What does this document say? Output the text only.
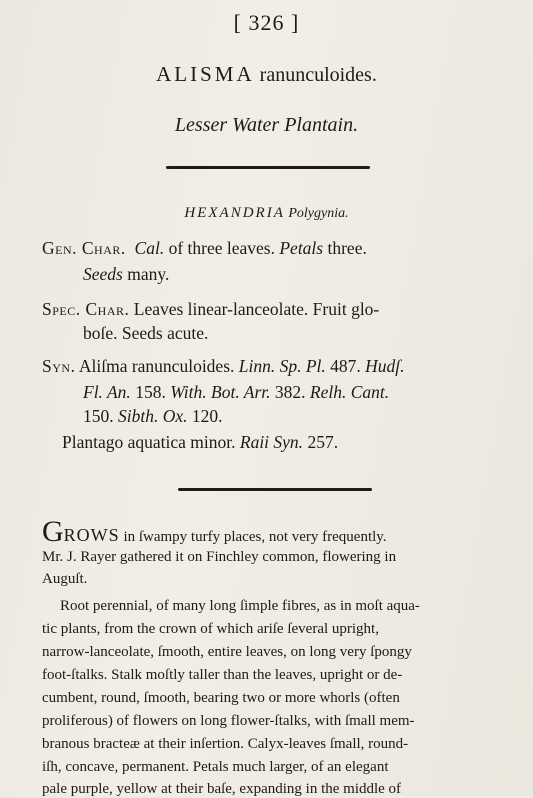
[ 326 ]
ALISMA ranunculoides.
Lesser Water Plantain.
HEXANDRIA Polygynia.
Gen. Char. Cal. of three leaves. Petals three.
Seeds many.
Spec. Char. Leaves linear-lanceolate. Fruit glo-
boſe. Seeds acute.
Syn. Aliſma ranunculoides. Linn. Sp. Pl. 487. Hudſ.
Fl. An. 158. With. Bot. Arr. 382. Relh. Cant.
150. Sibth. Ox. 120.
Plantago aquatica minor. Raii Syn. 257.
GROWS in ſwampy turfy places, not very frequently.
Mr. J. Rayer gathered it on Finchley common, flowering in
Auguſt.
Root perennial, of many long ſimple fibres, as in moſt aqua-
tic plants, from the crown of which ariſe ſeveral upright,
narrow-lanceolate, ſmooth, entire leaves, on long very ſpongy
foot-ſtalks. Stalk moſtly taller than the leaves, upright or de-
cumbent, round, ſmooth, bearing two or more whorls (often
proliferous) of flowers on long flower-ſtalks, with ſmall mem-
branous bracteæ at their inſertion. Calyx-leaves ſmall, round-
iſh, concave, permanent. Petals much larger, of an elegant
pale purple, yellow at their baſe, expanding in the middle of
